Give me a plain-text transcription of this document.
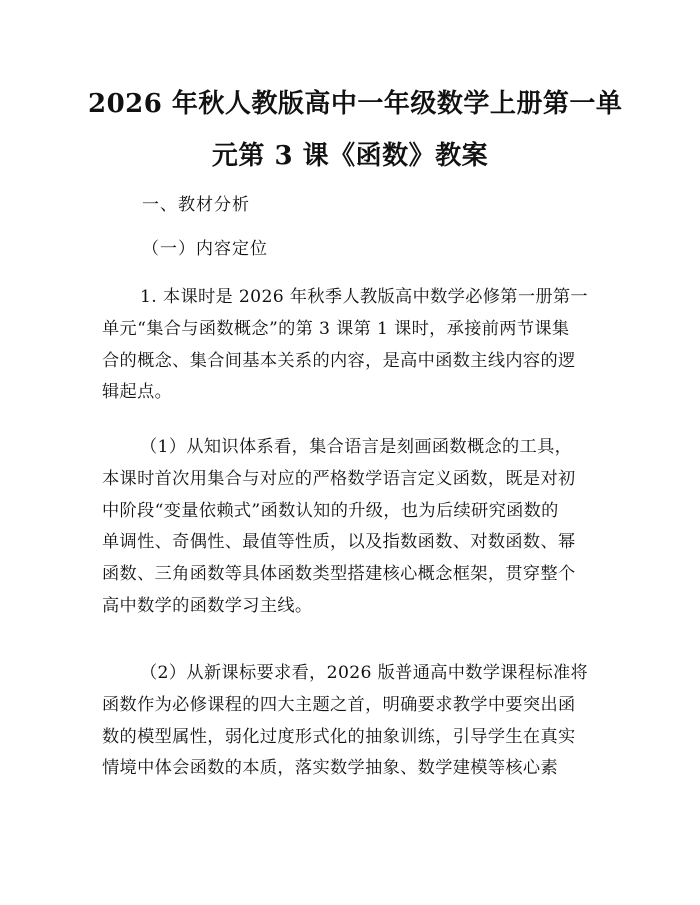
2026 年秋人教版高中一年级数学上册第一单
元第 3 课《函数》教案

一、教材分析

（一）内容定位

1. 本课时是 2026 年秋季人教版高中数学必修第一册第一
单元“集合与函数概念”的第 3 课第 1 课时，承接前两节课集
合的概念、集合间基本关系的内容，是高中函数主线内容的逻
辑起点。
（1）从知识体系看，集合语言是刻画函数概念的工具，
本课时首次用集合与对应的严格数学语言定义函数，既是对初
中阶段“变量依赖式”函数认知的升级，也为后续研究函数的
单调性、奇偶性、最值等性质，以及指数函数、对数函数、幂
函数、三角函数等具体函数类型搭建核心概念框架，贯穿整个
高中数学的函数学习主线。
（2）从新课标要求看，2026 版普通高中数学课程标准将
函数作为必修课程的四大主题之首，明确要求教学中要突出函
数的模型属性，弱化过度形式化的抽象训练，引导学生在真实
情境中体会函数的本质，落实数学抽象、数学建模等核心素
